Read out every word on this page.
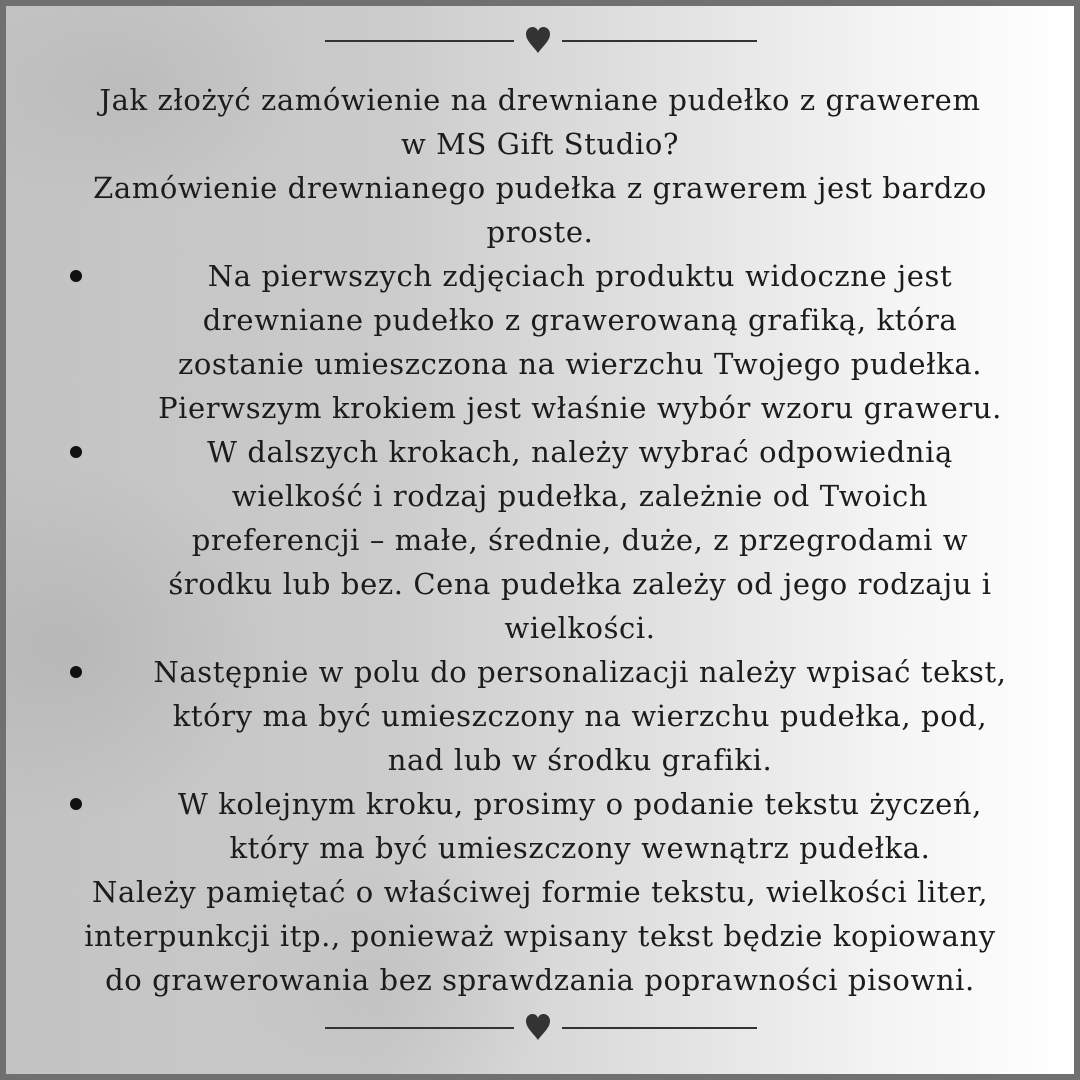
Jak złożyć zamówienie na drewniane pudełko z grawerem
w MS Gift Studio?
Zamówienie drewnianego pudełka z grawerem jest bardzo
proste.
Na pierwszych zdjęciach produktu widoczne jest
drewniane pudełko z grawerowaną grafiką, która
zostanie umieszczona na wierzchu Twojego pudełka.
Pierwszym krokiem jest właśnie wybór wzoru graweru.
W dalszych krokach, należy wybrać odpowiednią
wielkość i rodzaj pudełka, zależnie od Twoich
preferencji – małe, średnie, duże, z przegrodami w
środku lub bez. Cena pudełka zależy od jego rodzaju i
wielkości.
Następnie w polu do personalizacji należy wpisać tekst,
który ma być umieszczony na wierzchu pudełka, pod,
nad lub w środku grafiki.
W kolejnym kroku, prosimy o podanie tekstu życzeń,
który ma być umieszczony wewnątrz pudełka.
Należy pamiętać o właściwej formie tekstu, wielkości liter,
interpunkcji itp., ponieważ wpisany tekst będzie kopiowany
do grawerowania bez sprawdzania poprawności pisowni.
